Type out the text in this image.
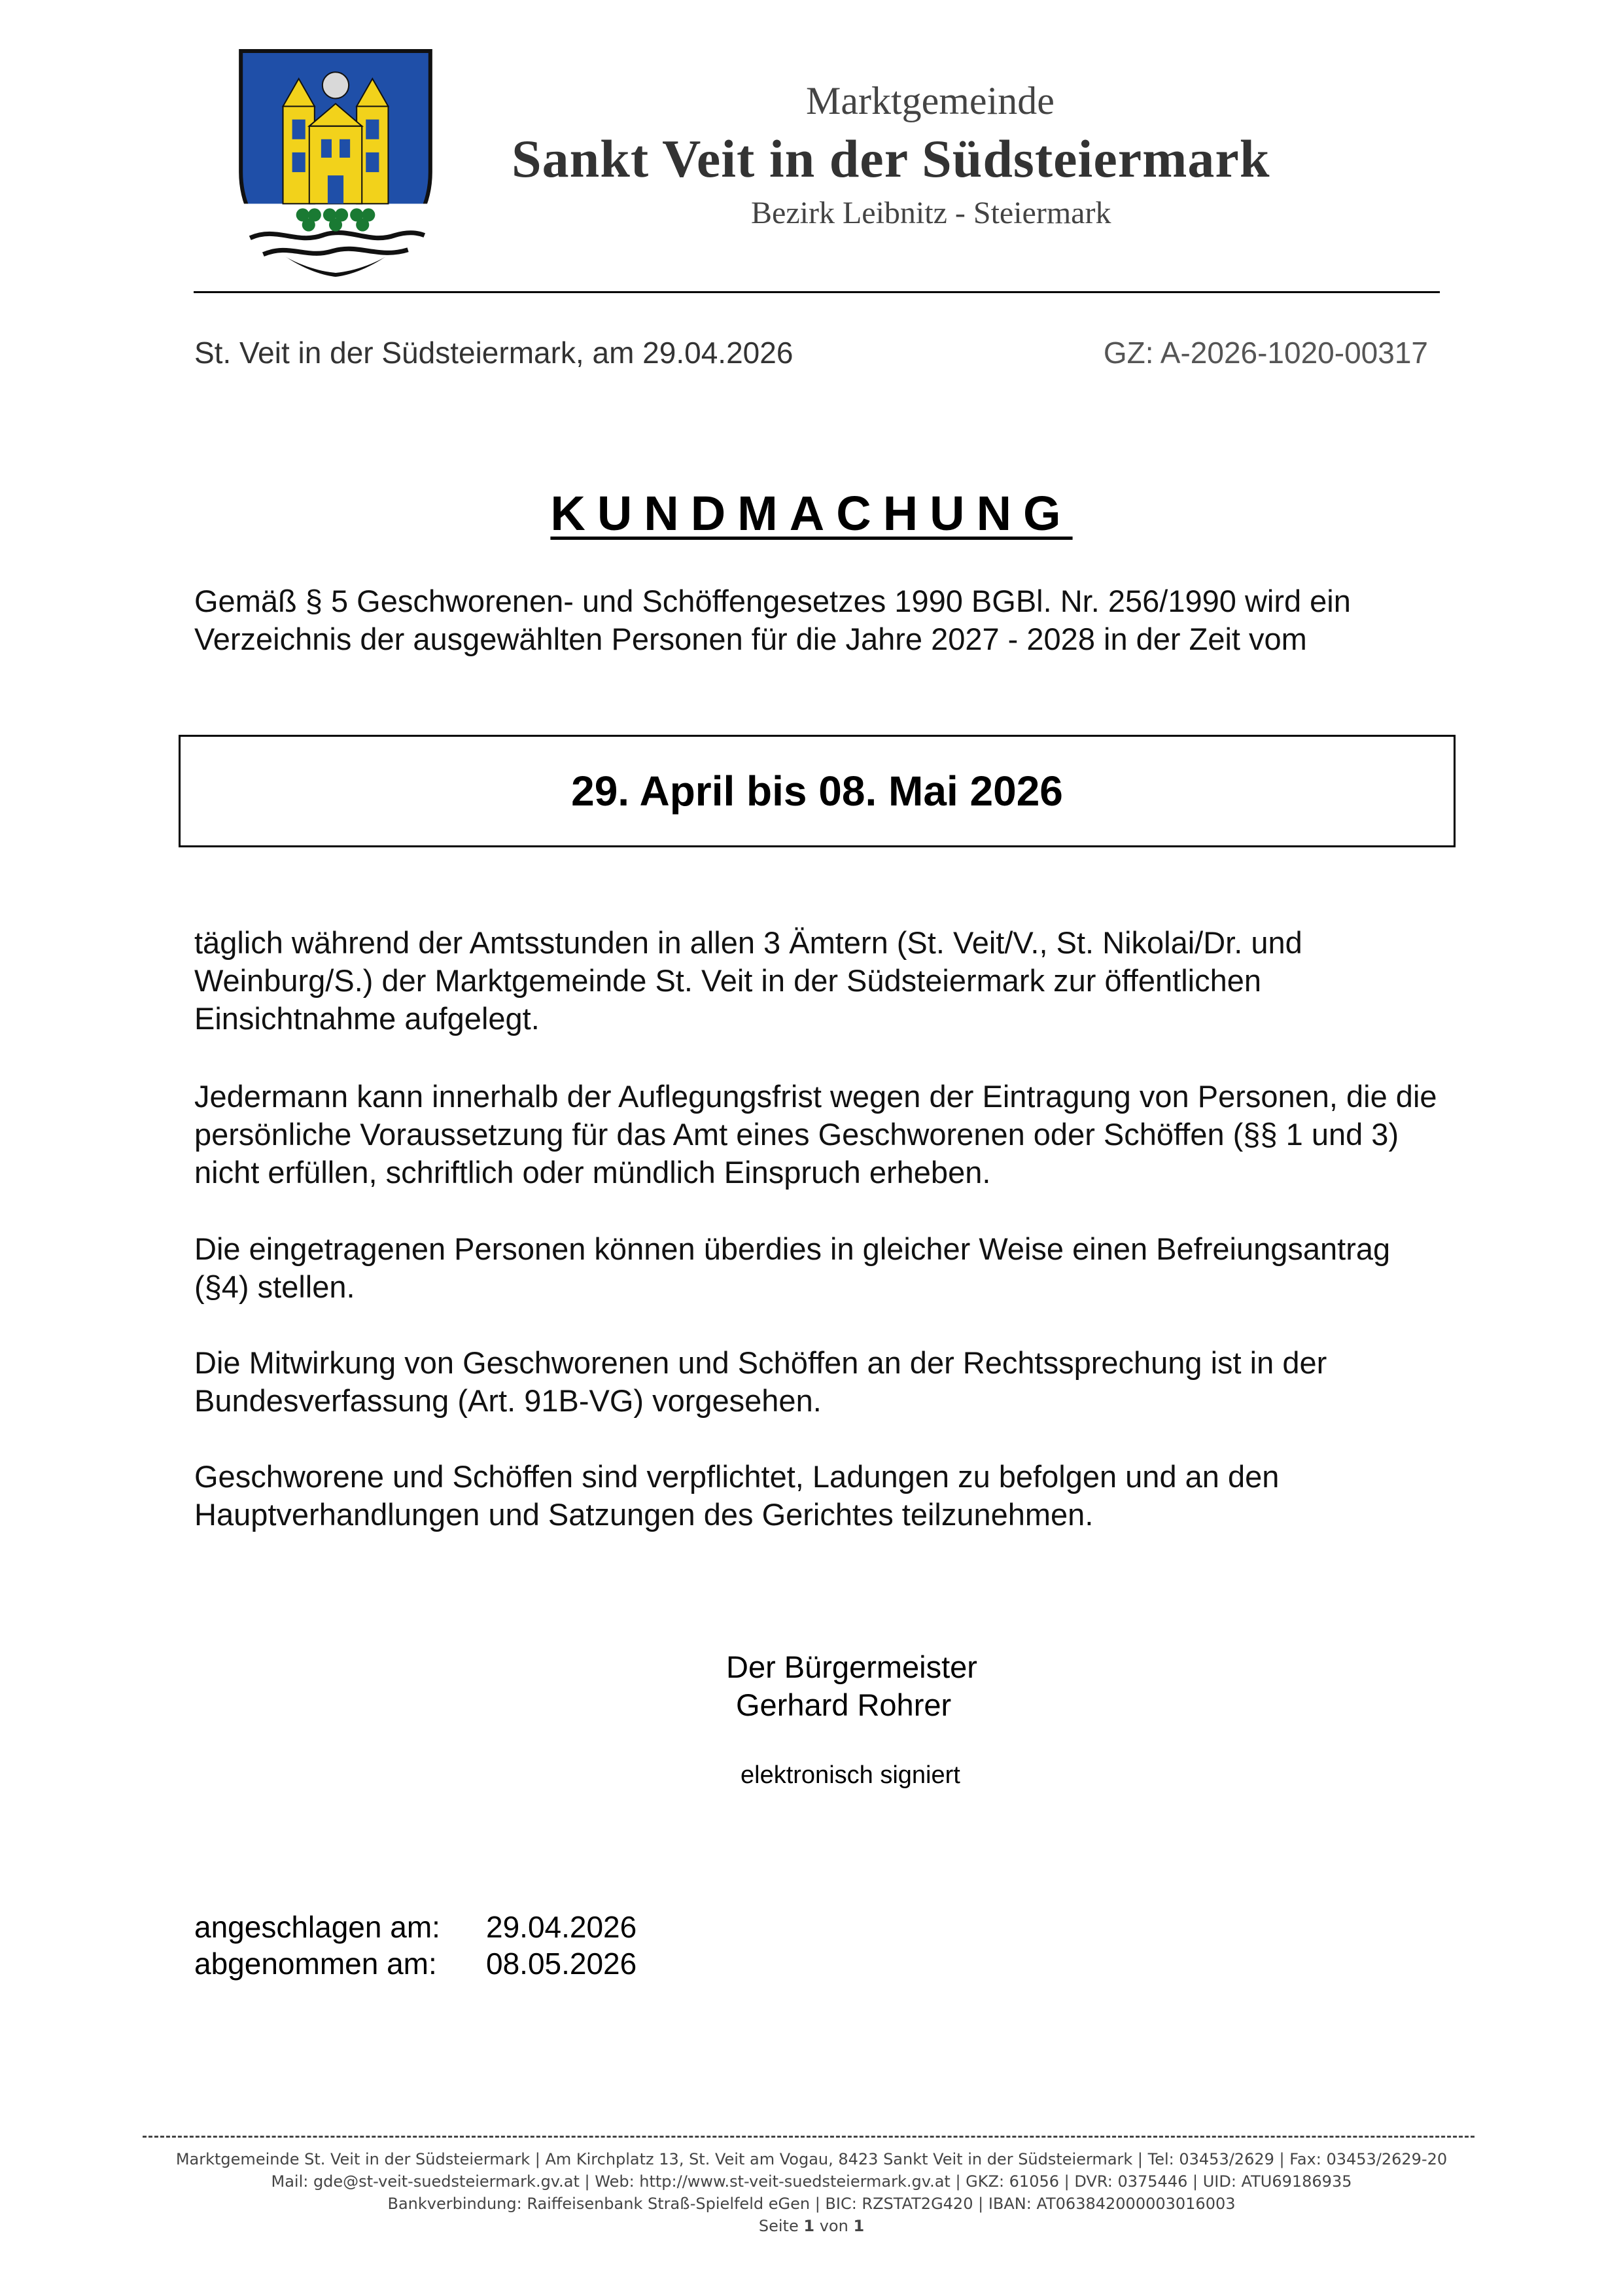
Marktgemeinde
Sankt Veit in der Südsteiermark
Bezirk Leibnitz - Steiermark
St. Veit in der Südsteiermark, am 29.04.2026	GZ: A-2026-1020-00317
KUNDMACHUNG
Gemäß § 5 Geschworenen- und Schöffengesetzes 1990 BGBl. Nr. 256/1990 wird ein Verzeichnis der ausgewählten Personen für die Jahre 2027 - 2028 in der Zeit vom
29. April bis 08. Mai 2026
täglich während der Amtsstunden in allen 3 Ämtern (St. Veit/V., St. Nikolai/Dr. und Weinburg/S.) der Marktgemeinde St. Veit in der Südsteiermark zur öffentlichen Einsichtnahme aufgelegt.
Jedermann kann innerhalb der Auflegungsfrist wegen der Eintragung von Personen, die die persönliche Voraussetzung für das Amt eines Geschworenen oder Schöffen (§§ 1 und 3) nicht erfüllen, schriftlich oder mündlich Einspruch erheben.
Die eingetragenen Personen können überdies in gleicher Weise einen Befreiungsantrag (§4) stellen.
Die Mitwirkung von Geschworenen und Schöffen an der Rechtssprechung ist in der Bundesverfassung (Art. 91B-VG) vorgesehen.
Geschworene und Schöffen sind verpflichtet, Ladungen zu befolgen und an den Hauptverhandlungen und Satzungen des Gerichtes teilzunehmen.
Der Bürgermeister
Gerhard Rohrer
elektronisch signiert
angeschlagen am: 29.04.2026
abgenommen am: 08.05.2026
Marktgemeinde St. Veit in der Südsteiermark | Am Kirchplatz 13, St. Veit am Vogau, 8423 Sankt Veit in der Südsteiermark | Tel: 03453/2629 | Fax: 03453/2629-20
Mail: gde@st-veit-suedsteiermark.gv.at | Web: http://www.st-veit-suedsteiermark.gv.at | GKZ: 61056 | DVR: 0375446 | UID: ATU69186935
Bankverbindung: Raiffeisenbank Straß-Spielfeld eGen | BIC: RZSTAT2G420 | IBAN: AT063842000003016003
Seite 1 von 1
